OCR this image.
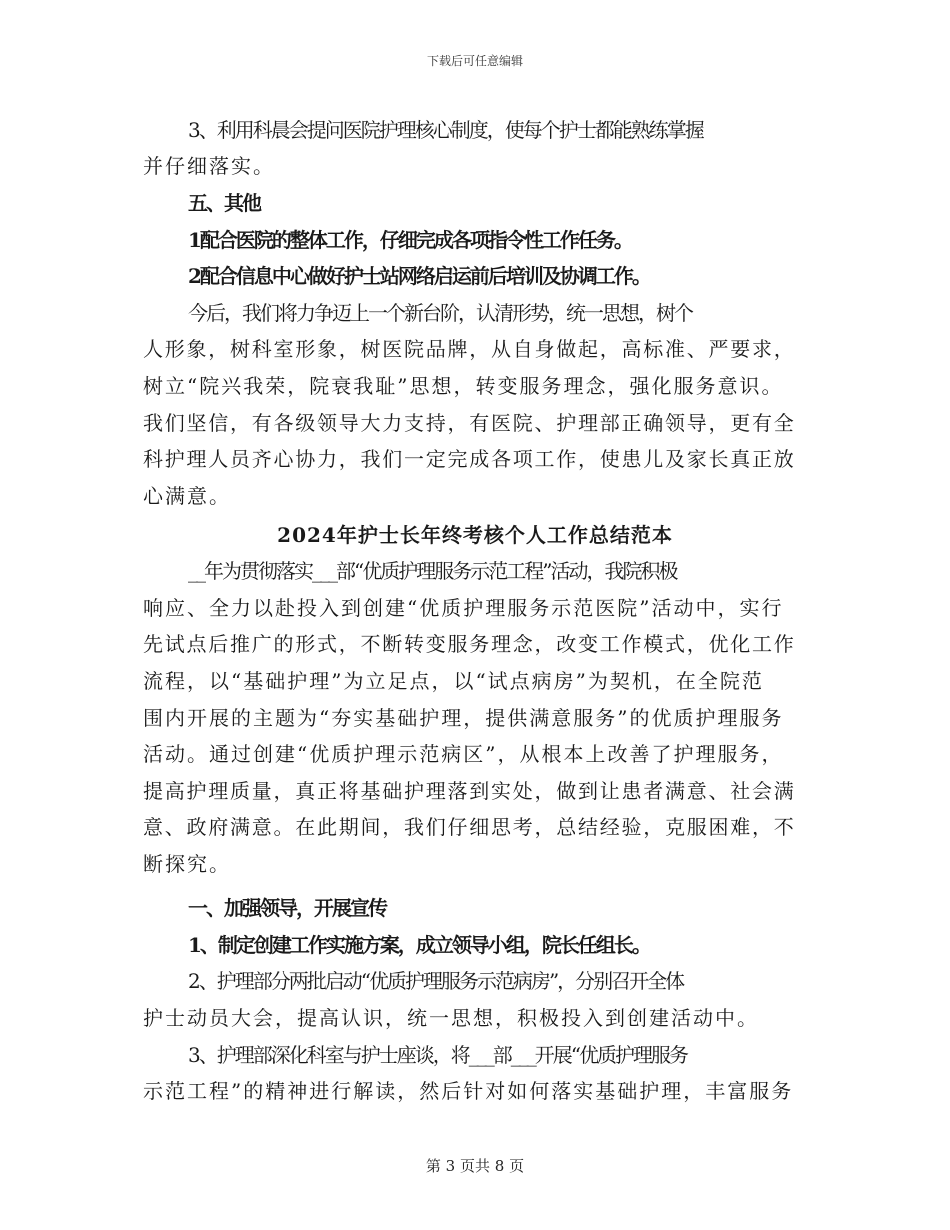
下载后可任意编辑
3、利用科晨会提问医院护理核心制度，使每个护士都能熟练掌握
并仔细落实。
五、其他
1配合医院的整体工作，仔细完成各项指令性工作任务。
2配合信息中心做好护士站网络启运前后培训及协调工作。
今后，我们将力争迈上一个新台阶，认清形势，统一思想，树个
人形象，树科室形象，树医院品牌，从自身做起，高标准、严要求，
树立“院兴我荣，院衰我耻”思想，转变服务理念，强化服务意识。
我们坚信，有各级领导大力支持，有医院、护理部正确领导，更有全
科护理人员齐心协力，我们一定完成各项工作，使患儿及家长真正放
心满意。
2024年护士长年终考核个人工作总结范本
__年为贯彻落实___部“优质护理服务示范工程”活动，我院积极
响应、全力以赴投入到创建“优质护理服务示范医院”活动中，实行
先试点后推广的形式，不断转变服务理念，改变工作模式，优化工作
流程，以“基础护理”为立足点，以“试点病房”为契机，在全院范
围内开展的主题为“夯实基础护理，提供满意服务”的优质护理服务
活动。通过创建“优质护理示范病区”，从根本上改善了护理服务，
提高护理质量，真正将基础护理落到实处，做到让患者满意、社会满
意、政府满意。在此期间，我们仔细思考，总结经验，克服困难，不
断探究。
一、加强领导，开展宣传
1、制定创建工作实施方案，成立领导小组，院长任组长。
2、护理部分两批启动“优质护理服务示范病房”，分别召开全体
护士动员大会，提高认识，统一思想，积极投入到创建活动中。
3、护理部深化科室与护士座谈，将___部___开展“优质护理服务
示范工程”的精神进行解读，然后针对如何落实基础护理，丰富服务
第 3 页共 8 页
